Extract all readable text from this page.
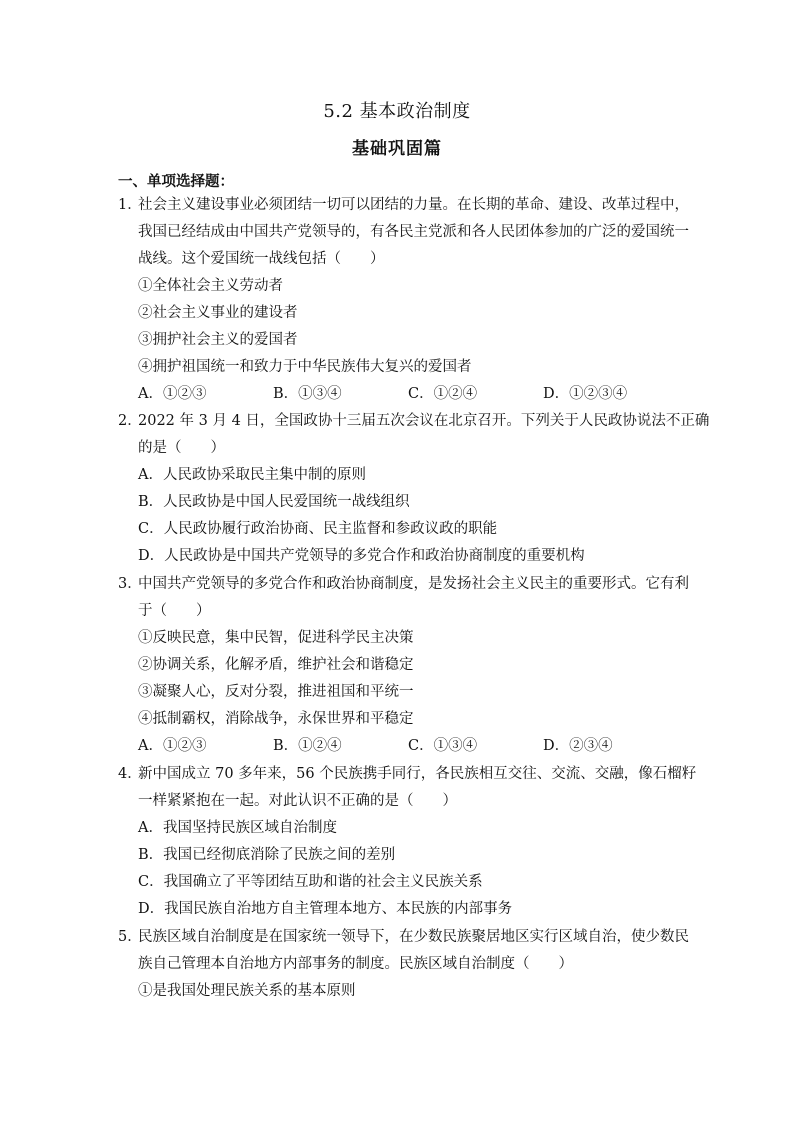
5.2 基本政治制度
基础巩固篇
一、单项选择题：
1．
社会主义建设事业必须团结一切可以团结的力量。在长期的革命、建设、改革过程中，
我国已经结成由中国共产党领导的，有各民主党派和各人民团体参加的广泛的爱国统一
战线。这个爱国统一战线包括（　　）
①全体社会主义劳动者
②社会主义事业的建设者
③拥护社会主义的爱国者
④拥护祖国统一和致力于中华民族伟大复兴的爱国者
A．①②③	B．①③④	C．①②④	D．①②③④
2．
2022 年 3 月 4 日，全国政协十三届五次会议在北京召开。下列关于人民政协说法不正确
的是（　　）
A．人民政协采取民主集中制的原则
B．人民政协是中国人民爱国统一战线组织
C．人民政协履行政治协商、民主监督和参政议政的职能
D．人民政协是中国共产党领导的多党合作和政治协商制度的重要机构
3．
中国共产党领导的多党合作和政治协商制度，是发扬社会主义民主的重要形式。它有利
于（　　）
①反映民意，集中民智，促进科学民主决策
②协调关系，化解矛盾，维护社会和谐稳定
③凝聚人心，反对分裂，推进祖国和平统一
④抵制霸权，消除战争，永保世界和平稳定
A．①②③	B．①②④	C．①③④	D．②③④
4．
新中国成立 70 多年来，56 个民族携手同行，各民族相互交往、交流、交融，像石榴籽
一样紧紧抱在一起。对此认识不正确的是（　　）
A．我国坚持民族区域自治制度
B．我国已经彻底消除了民族之间的差别
C．我国确立了平等团结互助和谐的社会主义民族关系
D．我国民族自治地方自主管理本地方、本民族的内部事务
5．
民族区域自治制度是在国家统一领导下，在少数民族聚居地区实行区域自治，使少数民
族自己管理本自治地方内部事务的制度。民族区域自治制度（　　）
①是我国处理民族关系的基本原则
